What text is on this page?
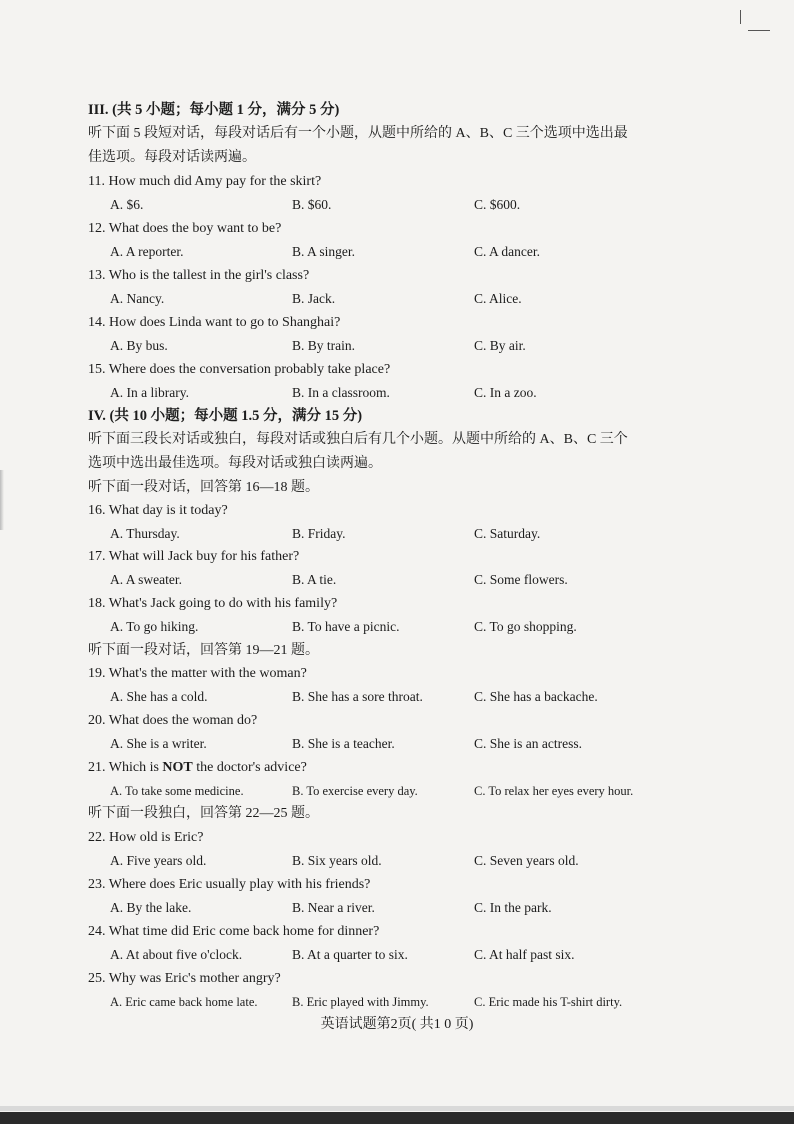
III. (共 5 小题；每小题 1 分，满分 5 分)
听下面 5 段短对话，每段对话后有一个小题，从题中所给的 A、B、C 三个选项中选出最
佳选项。每段对话读两遍。
11. How much did Amy pay for the skirt?
A. $6.	B. $60.	C. $600.
12. What does the boy want to be?
A. A reporter.	B. A singer.	C. A dancer.
13. Who is the tallest in the girl's class?
A. Nancy.	B. Jack.	C. Alice.
14. How does Linda want to go to Shanghai?
A. By bus.	B. By train.	C. By air.
15. Where does the conversation probably take place?
A. In a library.	B. In a classroom.	C. In a zoo.
IV. (共 10 小题；每小题 1.5 分，满分 15 分)
听下面三段长对话或独白，每段对话或独白后有几个小题。从题中所给的 A、B、C 三个
选项中选出最佳选项。每段对话或独白读两遍。
听下面一段对话，回答第 16—18 题。
16. What day is it today?
A. Thursday.	B. Friday.	C. Saturday.
17. What will Jack buy for his father?
A. A sweater.	B. A tie.	C. Some flowers.
18. What's Jack going to do with his family?
A. To go hiking.	B. To have a picnic.	C. To go shopping.
听下面一段对话，回答第 19—21 题。
19. What's the matter with the woman?
A. She has a cold.	B. She has a sore throat.	C. She has a backache.
20. What does the woman do?
A. She is a writer.	B. She is a teacher.	C. She is an actress.
21. Which is NOT the doctor's advice?
A. To take some medicine.	B. To exercise every day.	C. To relax her eyes every hour.
听下面一段独白，回答第 22—25 题。
22. How old is Eric?
A. Five years old.	B. Six years old.	C. Seven years old.
23. Where does Eric usually play with his friends?
A. By the lake.	B. Near a river.	C. In the park.
24. What time did Eric come back home for dinner?
A. At about five o'clock.	B. At a quarter to six.	C. At half past six.
25. Why was Eric's mother angry?
A. Eric came back home late.	B. Eric played with Jimmy.	C. Eric made his T-shirt dirty.
英语试题第2页( 共1 0 页)
